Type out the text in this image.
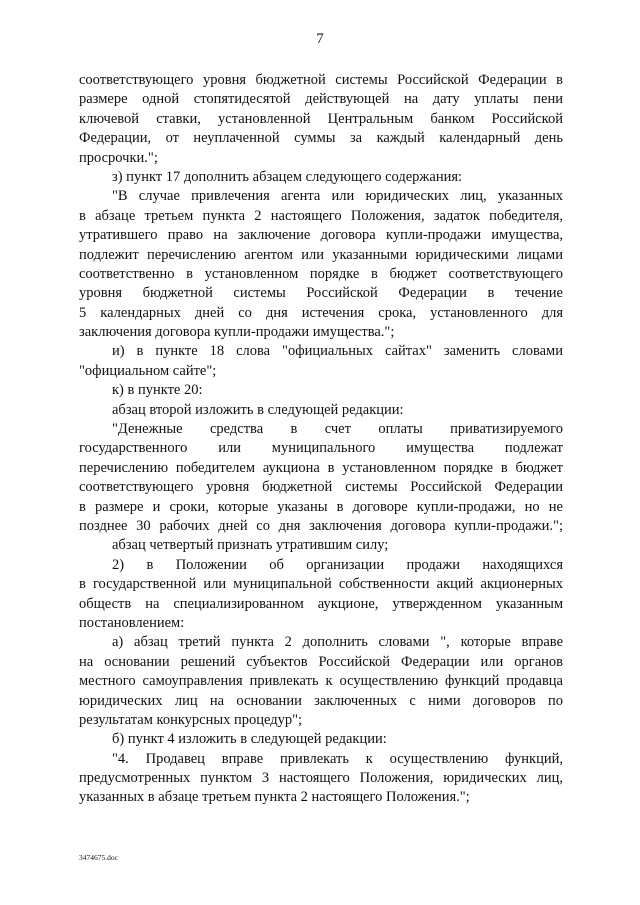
7
соответствующего уровня бюджетной системы Российской Федерации в
размере одной стопятидесятой действующей на дату уплаты пени
ключевой ставки, установленной Центральным банком Российской
Федерации, от неуплаченной суммы за каждый календарный день
просрочки.";
з) пункт 17 дополнить абзацем следующего содержания:
"В случае привлечения агента или юридических лиц, указанных
в абзаце третьем пункта 2 настоящего Положения, задаток победителя,
утратившего право на заключение договора купли-продажи имущества,
подлежит перечислению агентом или указанными юридическими лицами
соответственно в установленном порядке в бюджет соответствующего
уровня бюджетной системы Российской Федерации в течение
5 календарных дней со дня истечения срока, установленного для
заключения договора купли-продажи имущества.";
и) в пункте 18 слова "официальных сайтах" заменить словами
"официальном сайте";
к) в пункте 20:
абзац второй изложить в следующей редакции:
"Денежные средства в счет оплаты приватизируемого
государственного или муниципального имущества подлежат
перечислению победителем аукциона в установленном порядке в бюджет
соответствующего уровня бюджетной системы Российской Федерации
в размере и сроки, которые указаны в договоре купли-продажи, но не
позднее 30 рабочих дней со дня заключения договора купли-продажи.";
абзац четвертый признать утратившим силу;
2) в Положении об организации продажи находящихся
в государственной или муниципальной собственности акций акционерных
обществ на специализированном аукционе, утвержденном указанным
постановлением:
а) абзац третий пункта 2 дополнить словами ", которые вправе
на основании решений субъектов Российской Федерации или органов
местного самоуправления привлекать к осуществлению функций продавца
юридических лиц на основании заключенных с ними договоров по
результатам конкурсных процедур";
б) пункт 4 изложить в следующей редакции:
"4. Продавец вправе привлекать к осуществлению функций,
предусмотренных пунктом 3 настоящего Положения, юридических лиц,
указанных в абзаце третьем пункта 2 настоящего Положения.";
3474675.doc
